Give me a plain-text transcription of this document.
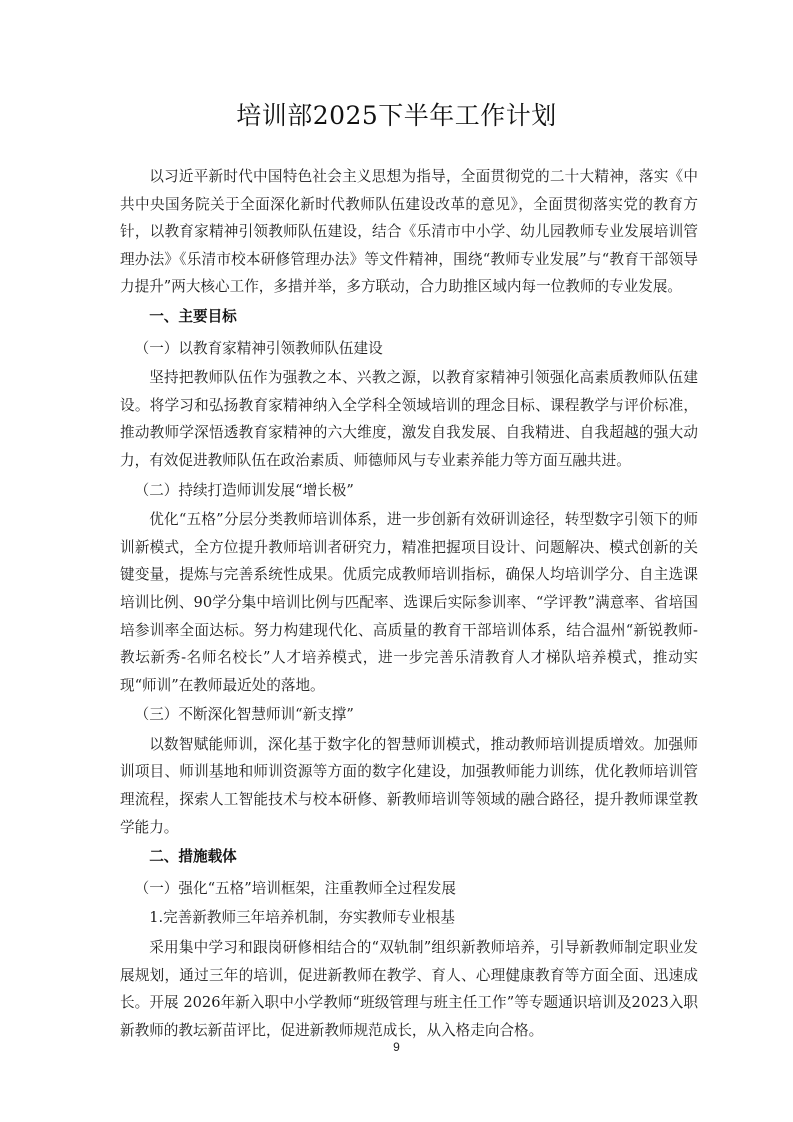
培训部2025下半年工作计划

以习近平新时代中国特色社会主义思想为指导，全面贯彻党的二十大精神，落实《中共中央国务院关于全面深化新时代教师队伍建设改革的意见》，全面贯彻落实党的教育方针，以教育家精神引领教师队伍建设，结合《乐清市中小学、幼儿园教师专业发展培训管理办法》《乐清市校本研修管理办法》等文件精神，围绕“教师专业发展”与“教育干部领导力提升”两大核心工作，多措并举，多方联动，合力助推区域内每一位教师的专业发展。

一、主要目标
（一）以教育家精神引领教师队伍建设

坚持把教师队伍作为强教之本、兴教之源，以教育家精神引领强化高素质教师队伍建设。将学习和弘扬教育家精神纳入全学科全领域培训的理念目标、课程教学与评价标准，推动教师学深悟透教育家精神的六大维度，激发自我发展、自我精进、自我超越的强大动力，有效促进教师队伍在政治素质、师德师风与专业素养能力等方面互融共进。

（二）持续打造师训发展“增长极”

优化“五格”分层分类教师培训体系，进一步创新有效研训途径，转型数字引领下的师训新模式，全方位提升教师培训者研究力，精准把握项目设计、问题解决、模式创新的关键变量，提炼与完善系统性成果。优质完成教师培训指标，确保人均培训学分、自主选课培训比例、90学分集中培训比例与匹配率、选课后实际参训率、“学评教”满意率、省培国培参训率全面达标。努力构建现代化、高质量的教育干部培训体系，结合温州“新锐教师-教坛新秀-名师名校长”人才培养模式，进一步完善乐清教育人才梯队培养模式，推动实现“师训”在教师最近处的落地。

（三）不断深化智慧师训“新支撑”

以数智赋能师训，深化基于数字化的智慧师训模式，推动教师培训提质增效。加强师训项目、师训基地和师训资源等方面的数字化建设，加强教师能力训练，优化教师培训管理流程，探索人工智能技术与校本研修、新教师培训等领域的融合路径，提升教师课堂教学能力。

二、措施载体
（一）强化“五格”培训框架，注重教师全过程发展
1.完善新教师三年培养机制，夯实教师专业根基

采用集中学习和跟岗研修相结合的“双轨制”组织新教师培养，引导新教师制定职业发展规划，通过三年的培训，促进新教师在教学、育人、心理健康教育等方面全面、迅速成长。开展 2026年新入职中小学教师“班级管理与班主任工作”等专题通识培训及2023入职新教师的教坛新苗评比，促进新教师规范成长，从入格走向合格。

9
